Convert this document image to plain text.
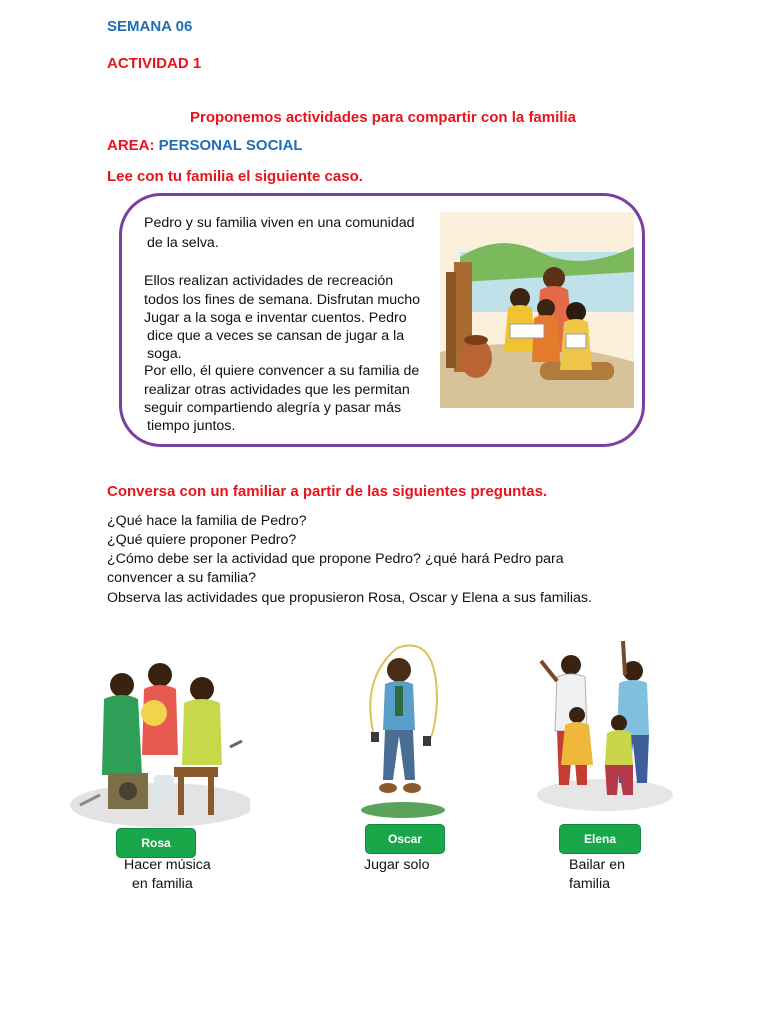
SEMANA 06
ACTIVIDAD 1
Proponemos actividades para compartir con la familia
AREA: PERSONAL SOCIAL
Lee con tu familia el siguiente caso.
Pedro y su familia viven en una comunidad
de la selva.
Ellos realizan actividades de recreación
todos los fines de semana. Disfrutan mucho
Jugar a la soga e inventar cuentos. Pedro
dice que a veces se cansan de jugar a la
soga.
Por ello, él quiere convencer a su familia de
realizar otras actividades que les permitan
seguir compartiendo alegría y pasar más
tiempo juntos.
Conversa con un familiar a partir de las siguientes preguntas.
¿Qué hace la familia de Pedro?
¿Qué quiere proponer Pedro?
¿Cómo debe ser la actividad que propone Pedro? ¿qué hará Pedro para
convencer a su familia?
Observa las actividades que propusieron Rosa, Oscar y Elena a sus familias.
Rosa	Oscar	Elena
Hacer música
en familia
Jugar solo	Bailar en
familia
